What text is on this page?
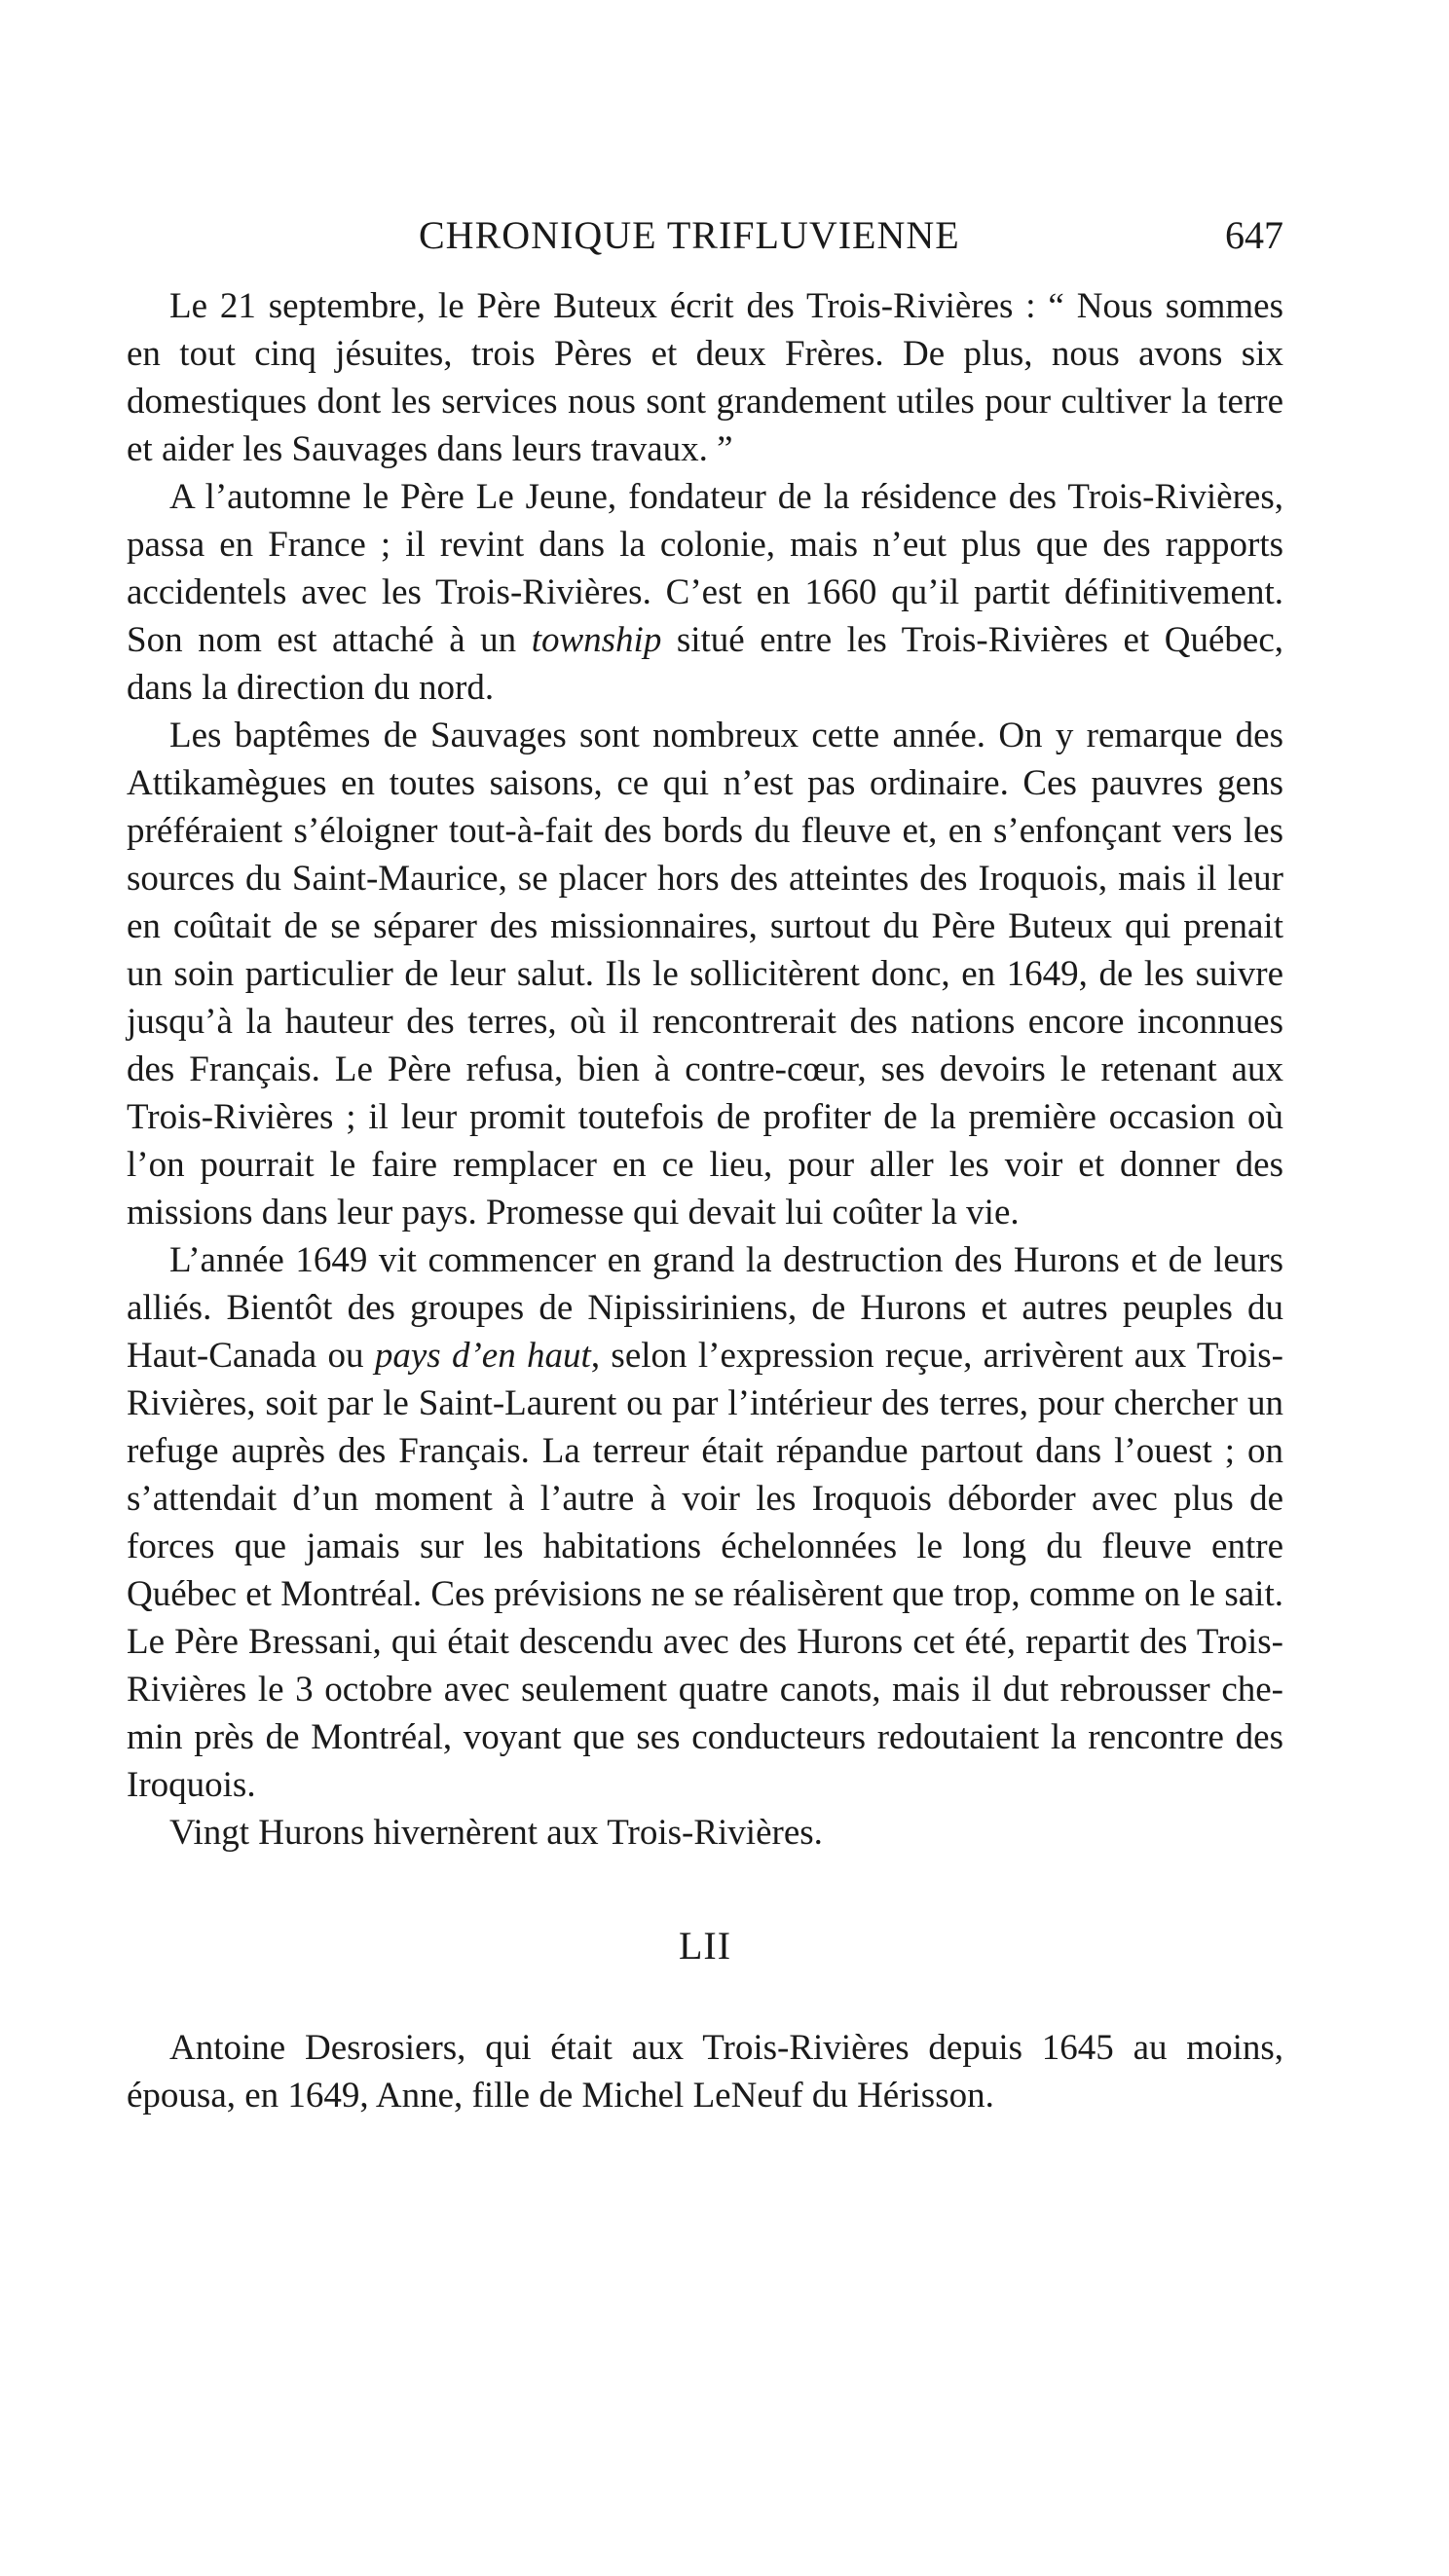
CHRONIQUE TRIFLUVIENNE	647

Le 21 septembre, le Père Buteux écrit des Trois-Rivières : “ Nous sommes en tout cinq jésuites, trois Pères et deux Frères. De plus, nous avons six domestiques dont les services nous sont grandement utiles pour cultiver la terre et aider les Sauvages dans leurs travaux. ”

A l’automne le Père Le Jeune, fondateur de la résidence des Trois-Rivières, passa en France ; il revint dans la colonie, mais n’eut plus que des rapports accidentels avec les Trois-Rivières. C’est en 1660 qu’il partit définitivement. Son nom est attaché à un township situé entre les Trois-Rivières et Québec, dans la direction du nord.

Les baptêmes de Sauvages sont nombreux cette année. On y remarque des Attikamègues en toutes saisons, ce qui n’est pas ordinaire. Ces pauvres gens préféraient s’éloigner tout-à-fait des bords du fleuve et, en s’enfonçant vers les sources du Saint-Maurice, se placer hors des atteintes des Iroquois, mais il leur en coûtait de se séparer des missionnaires, surtout du Père Buteux qui prenait un soin particulier de leur salut. Ils le sollicitèrent donc, en 1649, de les suivre jusqu’à la hauteur des terres, où il rencontrerait des nations encore inconnues des Français. Le Père refusa, bien à contre-cœur, ses devoirs le retenant aux Trois-Rivières ; il leur promit toutefois de profiter de la première occasion où l’on pourrait le faire remplacer en ce lieu, pour aller les voir et donner des missions dans leur pays. Promesse qui devait lui coûter la vie.

L’année 1649 vit commencer en grand la destruction des Hurons et de leurs alliés. Bientôt des groupes de Nipissiriniens, de Hurons et autres peuples du Haut-Canada ou pays d’en haut, selon l’expression reçue, arrivèrent aux Trois-Rivières, soit par le Saint-Laurent ou par l’intérieur des terres, pour chercher un refuge auprès des Français. La terreur était répandue partout dans l’ouest ; on s’attendait d’un moment à l’autre à voir les Iroquois déborder avec plus de forces que jamais sur les habitations échelonnées le long du fleuve entre Québec et Montréal. Ces prévisions ne se réalisèrent que trop, comme on le sait. Le Père Bressani, qui était descendu avec des Hurons cet été, repartit des Trois-Rivières le 3 octobre avec seulement quatre canots, mais il dut rebrousser chemin près de Montréal, voyant que ses conducteurs redoutaient la rencontre des Iroquois.

Vingt Hurons hivernèrent aux Trois-Rivières.

LII

Antoine Desrosiers, qui était aux Trois-Rivières depuis 1645 au moins, épousa, en 1649, Anne, fille de Michel LeNeuf du Hérisson.
